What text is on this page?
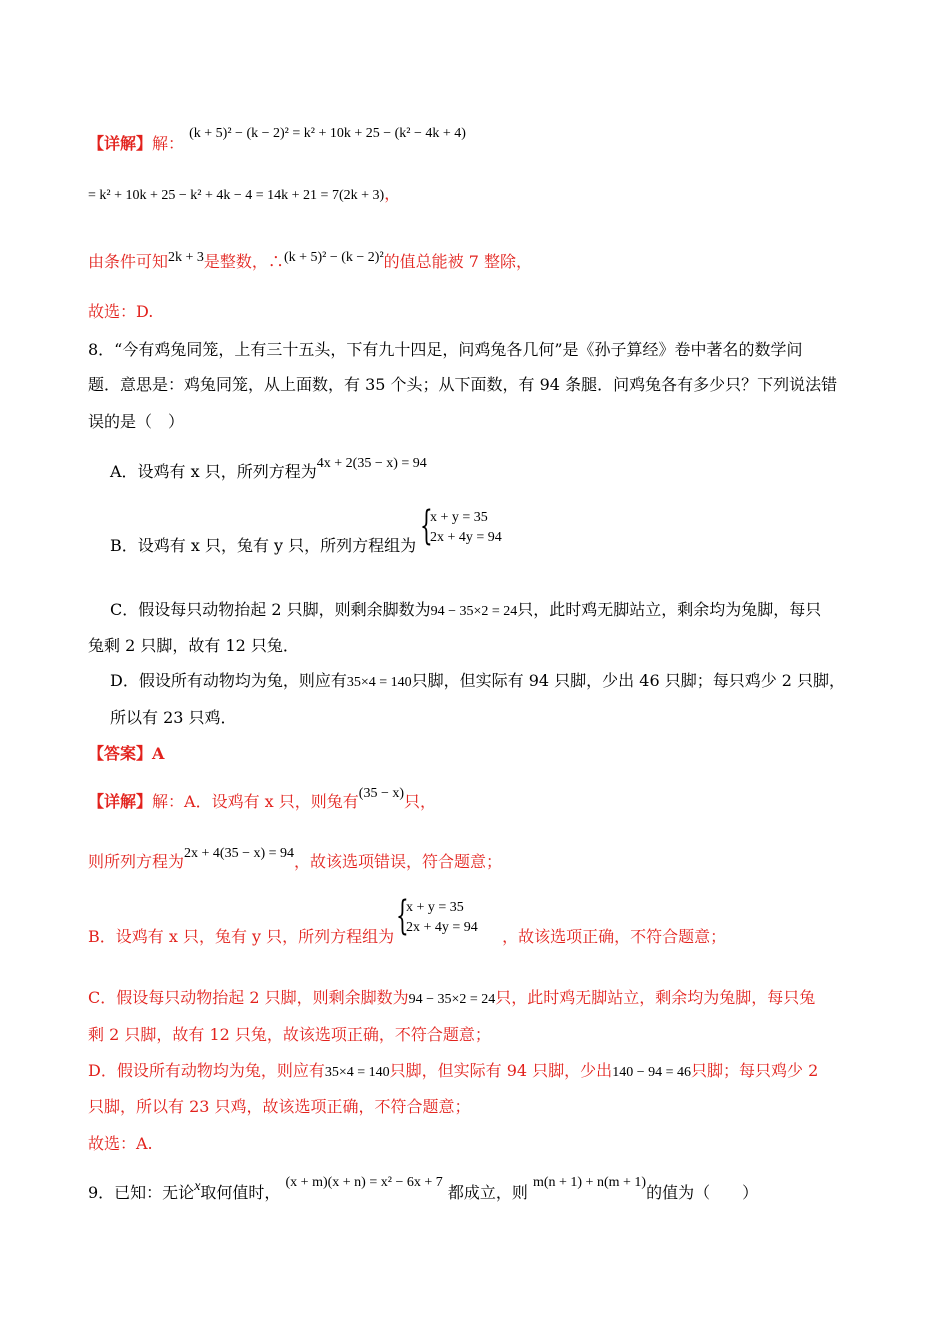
【详解】解： (k + 5)² − (k − 2)² = k² + 10k + 25 − (k² − 4k + 4)
= k² + 10k + 25 − k² + 4k − 4 = 14k + 21 = 7(2k + 3)，
由条件可知2k + 3是整数，∴(k + 5)² − (k − 2)²的值总能被 7 整除，
故选：D.
8．“今有鸡兔同笼，上有三十五头，下有九十四足，问鸡兔各几何”是《孙子算经》卷中著名的数学问
题．意思是：鸡兔同笼，从上面数，有 35 个头；从下面数，有 94 条腿．问鸡兔各有多少只？下列说法错
误的是（　）
A．设鸡有 x 只，所列方程为4x + 2(35 − x) = 94
B．设鸡有 x 只，兔有 y 只，所列方程组为 {
x + y = 35
2x + 4y = 94
C．假设每只动物抬起 2 只脚，则剩余脚数为94 − 35×2 = 24只，此时鸡无脚站立，剩余均为兔脚，每只
兔剩 2 只脚，故有 12 只兔．
D．假设所有动物均为兔，则应有35×4 = 140只脚，但实际有 94 只脚，少出 46 只脚；每只鸡少 2 只脚，
所以有 23 只鸡．
【答案】A
【详解】解：A．设鸡有 x 只，则兔有(35 − x)只，
则所列方程为2x + 4(35 − x) = 94，故该选项错误，符合题意；
B．设鸡有 x 只，兔有 y 只，所列方程组为	，故该选项正确，不符合题意；
{
x + y = 35
2x + 4y = 94
C．假设每只动物抬起 2 只脚，则剩余脚数为94 − 35×2 = 24只，此时鸡无脚站立，剩余均为兔脚，每只兔
剩 2 只脚，故有 12 只兔，故该选项正确，不符合题意；
D．假设所有动物均为兔，则应有35×4 = 140只脚，但实际有 94 只脚，少出140 − 94 = 46只脚；每只鸡少 2
只脚，所以有 23 只鸡，故该选项正确，不符合题意；
故选：A.
9．已知：无论x取何值时， (x + m)(x + n) = x² − 6x + 7 都成立，则 m(n + 1) + n(m + 1)的值为（　　）
